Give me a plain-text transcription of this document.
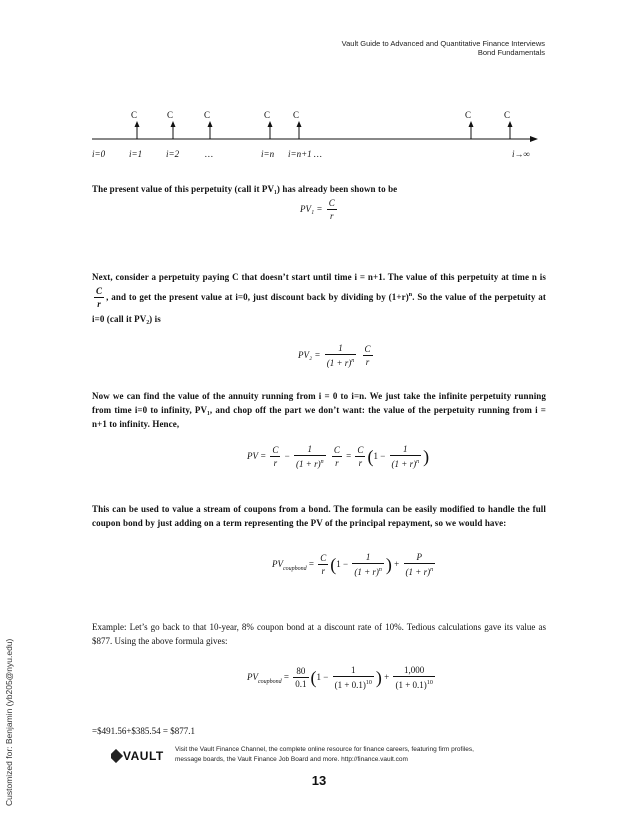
Vault Guide to Advanced and Quantitative Finance Interviews
Bond Fundamentals
C	C	C	C	C	C	C
i=0	i=1	i=2	…	i=n i=n+1 …	i→∞
The present value of this perpetuity (call it PV₁) has already been shown to be
$PV_1 = \frac{C}{r}$
Next, consider a perpetuity paying C that doesn’t start until time i = n+1. The value of this perpetuity at time n is
$\frac{C}{r}$ , and to get the present value at i=0, just discount back by dividing by $(1+r)^n$. So the value of the perpetuity at i=0 (call it PV₂) is
$PV_2 = \frac{1}{(1 + r)^n}$
$\frac{C}{r}$
Now we can find the value of the annuity running from i = 0 to i=n. We just take the infinite perpetuity running from time i=0 to infinity, PV₁, and chop off the part we don’t want: the value of the perpetuity running from i = n+1 to infinity. Hence,
PV = $\frac{C}{r} - \frac{1}{(1 + r)^n}$
$\frac{C}{r} = \frac{C}{r} (1 - \frac{1}{(1 + r)^n}$ )
This can be used to value a stream of coupons from a bond. The formula can be easily modified to handle the full coupon bond by just adding on a term representing the PV of the principal repayment, so we would have:
$PV_{coupbond} = \frac{C}{r} (1 - \frac{1}{(1 + r)^n}$ ) + $\frac{P}{(1 + r)^n}$
Example: Let’s go back to that 10-year, 8% coupon bond at a discount rate of 10%. Tedious calculations gave its value as $877. Using the above formula gives:
$PV_{coupbond} = \frac{80}{0.1} (1 - \frac{1}{(1 + 0.1)^{10}}$ ) + $\frac{1,000}{(1 + 0.1)^{10}}$
=$491.56+$385.54 = $877.1
VAULT Visit the Vault Finance Channel, the complete online resource for finance careers, featuring firm profiles, message boards, the Vault Finance Job Board and more. http://finance.vault.com
13
Customized for: Benjamin (yb205@nyu.edu)
